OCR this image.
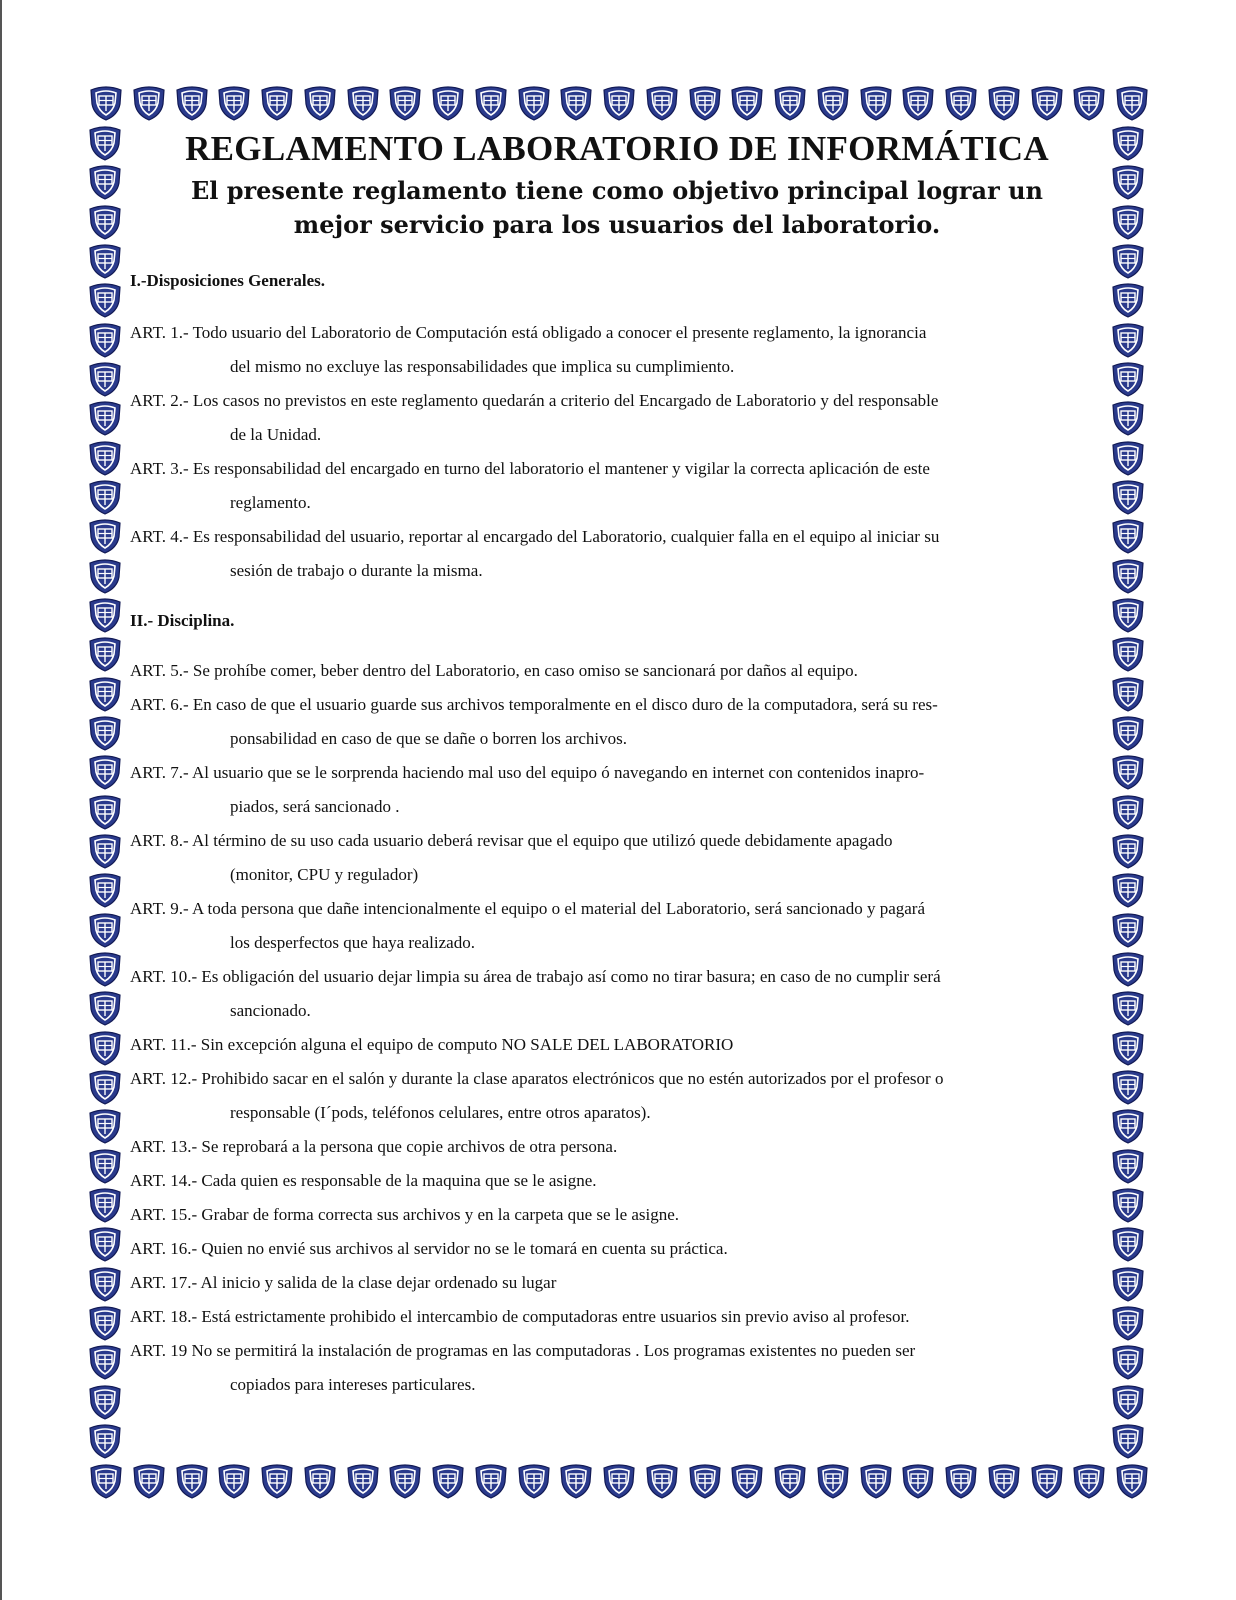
REGLAMENTO LABORATORIO DE INFORMÁTICA
El presente reglamento tiene como objetivo principal lograr un mejor servicio para los usuarios del laboratorio.
I.-Disposiciones Generales.
ART. 1.- Todo usuario del Laboratorio de Computación está obligado a conocer el presente reglamento, la ignorancia
del mismo no excluye las responsabilidades que implica su cumplimiento.
ART. 2.- Los casos no previstos en este reglamento quedarán a criterio del Encargado de Laboratorio y del responsable
de la Unidad.
ART. 3.- Es responsabilidad del encargado en turno del laboratorio el mantener y vigilar la correcta aplicación de este
reglamento.
ART. 4.- Es responsabilidad del usuario, reportar al encargado del Laboratorio, cualquier falla en el equipo al iniciar su
sesión de trabajo o durante la misma.
II.- Disciplina.
ART. 5.- Se prohíbe comer, beber dentro del Laboratorio, en caso omiso se sancionará por daños al equipo.
ART. 6.- En caso de que el usuario guarde sus archivos temporalmente en el disco duro de la computadora, será su res-
ponsabilidad en caso de que se dañe o borren los archivos.
ART. 7.- Al usuario que se le sorprenda haciendo mal uso del equipo ó navegando en internet con contenidos inapro-
piados, será sancionado .
ART. 8.- Al término de su uso cada usuario deberá revisar que el equipo que utilizó quede debidamente apagado
(monitor, CPU y regulador)
ART. 9.- A toda persona que dañe intencionalmente el equipo o el material del Laboratorio, será sancionado y pagará
los desperfectos que haya realizado.
ART. 10.- Es obligación del usuario dejar limpia su área de trabajo así como no tirar basura; en caso de no cumplir será
sancionado.
ART. 11.- Sin excepción alguna el equipo de computo NO SALE DEL LABORATORIO
ART. 12.- Prohibido sacar en el salón y durante la clase aparatos electrónicos que no estén autorizados por el profesor o
responsable (I´pods, teléfonos celulares, entre otros aparatos).
ART. 13.- Se reprobará a la persona que copie archivos de otra persona.
ART. 14.- Cada quien es responsable de la maquina que se le asigne.
ART. 15.- Grabar de forma correcta sus archivos y en la carpeta que se le asigne.
ART. 16.- Quien no envié sus archivos al servidor no se le tomará en cuenta su práctica.
ART. 17.- Al inicio y salida de la clase dejar ordenado su lugar
ART. 18.- Está estrictamente prohibido el intercambio de computadoras entre usuarios sin previo aviso al profesor.
ART. 19 No se permitirá la instalación de programas en las computadoras . Los programas existentes no pueden ser
copiados para intereses particulares.
